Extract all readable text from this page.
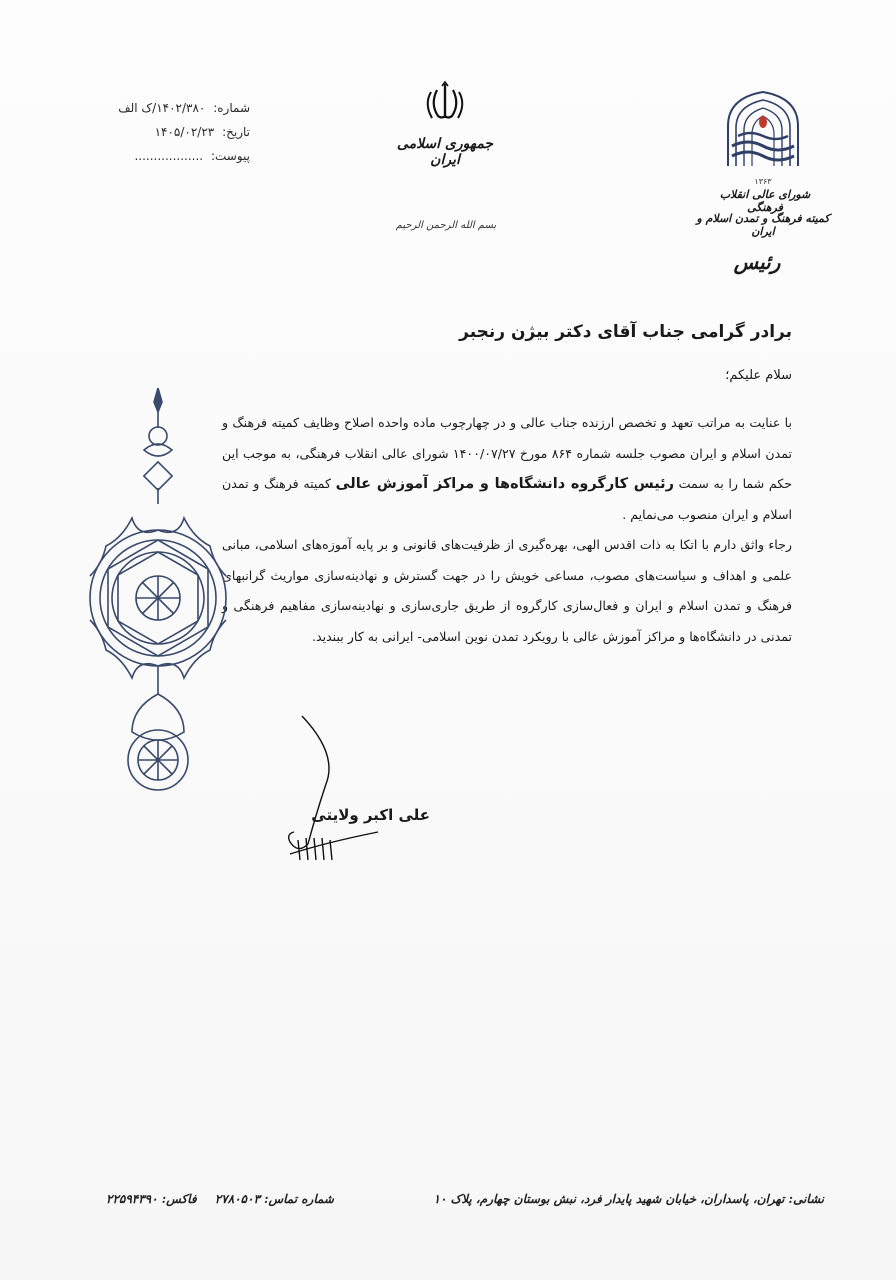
شماره: ۱۴۰۲/۳۸۰/ک الف
تاریخ: ۱۴۰۵/۰۲/۲۳
پیوست: ..................
جمهوری اسلامی ایران
بسم الله الرحمن الرحیم
۱۳۶۳
شورای عالی انقلاب فرهنگی
کمیته فرهنگ و تمدن اسلام و ایران
رئیس
برادر گرامی جناب آقای دکتر بیژن رنجبر
سلام علیکم؛

با عنایت به مراتب تعهد و تخصص ارزنده جناب عالی و در چهارچوب ماده واحده اصلاح وظایف کمیته فرهنگ و تمدن اسلام و ایران مصوب جلسه شماره ۸۶۴ مورخ ۱۴۰۰/۰۷/۲۷ شورای عالی انقلاب فرهنگی، به موجب این حکم شما را به سمت رئیس کارگروه دانشگاه‌ها و مراکز آموزش عالی کمیته فرهنگ و تمدن اسلام و ایران منصوب می‌نمایم .

رجاء واثق دارم با اتکا به ذات اقدس الهی، بهره‌گیری از ظرفیت‌های قانونی و بر پایه آموزه‌های اسلامی، مبانی علمی و اهداف و سیاست‌های مصوب، مساعی خویش را در جهت گسترش و نهادینه‌سازی مواریث گرانبهای فرهنگ و تمدن اسلام و ایران و فعال‌سازی کارگروه از طریق جاری‌سازی و نهادینه‌سازی مفاهیم فرهنگی و تمدنی در دانشگاه‌ها و مراکز آموزش عالی با رویکرد تمدن نوین اسلامی- ایرانی به کار ببندید.

علی اکبر ولایتی
نشانی: تهران، پاسداران، خیابان شهید پایدار فرد، نبش بوستان چهارم، پلاک ۱۰
شماره تماس: ۲۷۸۰۵۰۳ فاکس: ۲۲۵۹۴۳۹۰
